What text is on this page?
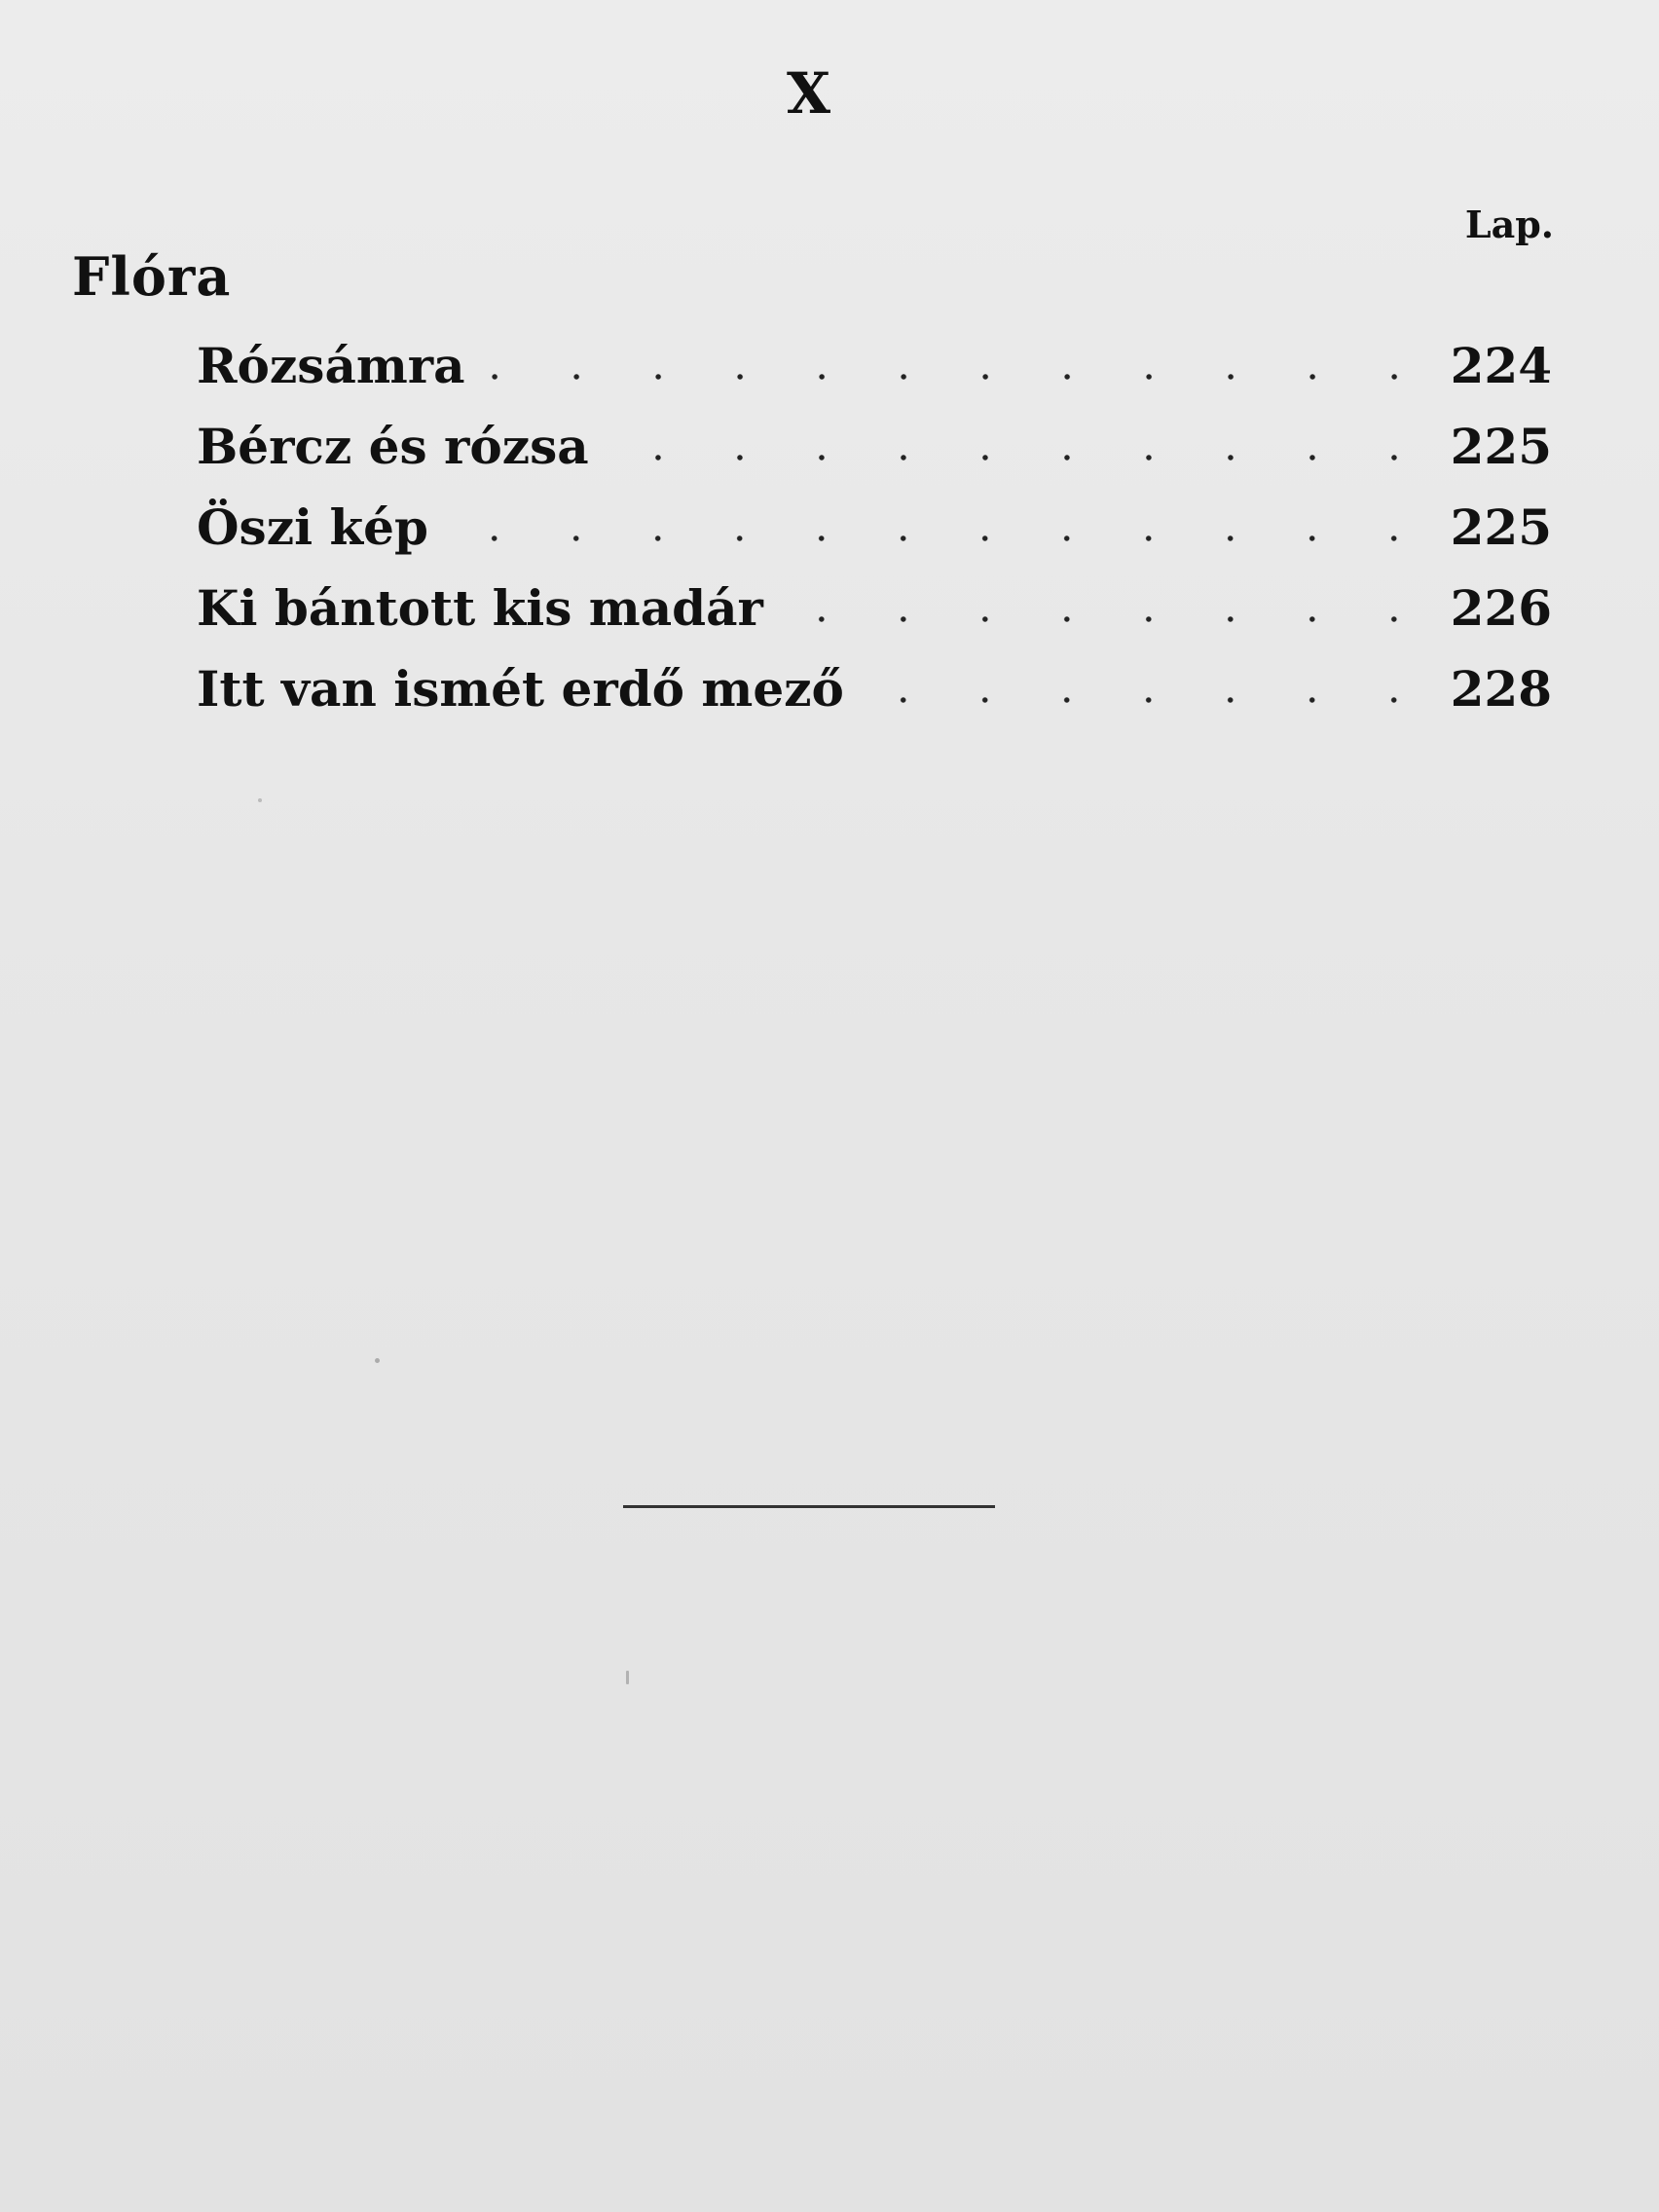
X
Lap.
Flóra
Rózsámra	224
Bércz és rózsa	225
Öszi kép	225
Ki bántott kis madár	226
Itt van ismét erdő mező	228
